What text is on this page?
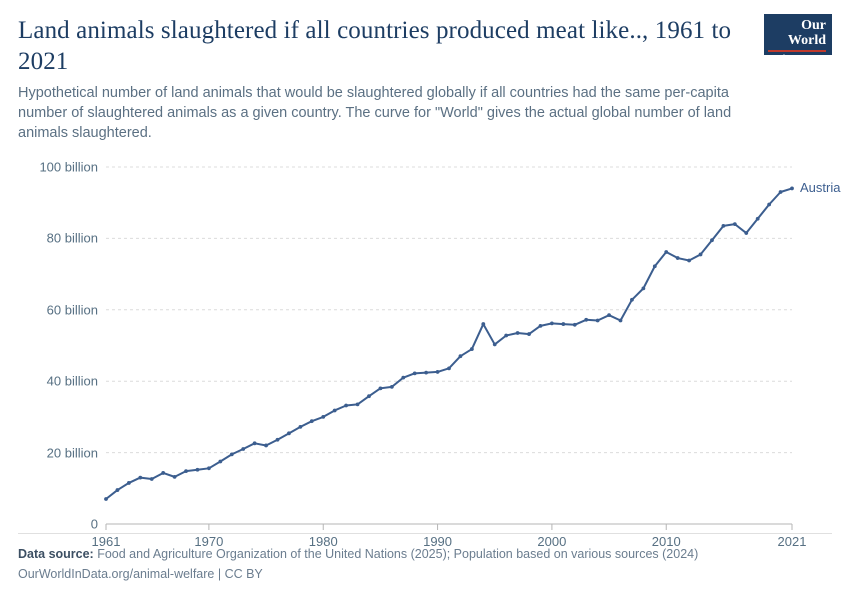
Land animals slaughtered if all countries produced meat like.., 1961 to 2021

Hypothetical number of land animals that would be slaughtered globally if all countries had the same per-capita number of slaughtered animals as a given country. The curve for "World" gives the actual global number of land animals slaughtered.

Our World
in Data
0
20 billion
40 billion
60 billion
80 billion
100 billion
1961	1970	1980	1990	2000	2010	2021
Austria
Data source: Food and Agriculture Organization of the United Nations (2025); Population based on various sources (2024)
OurWorldInData.org/animal-welfare | CC BY
